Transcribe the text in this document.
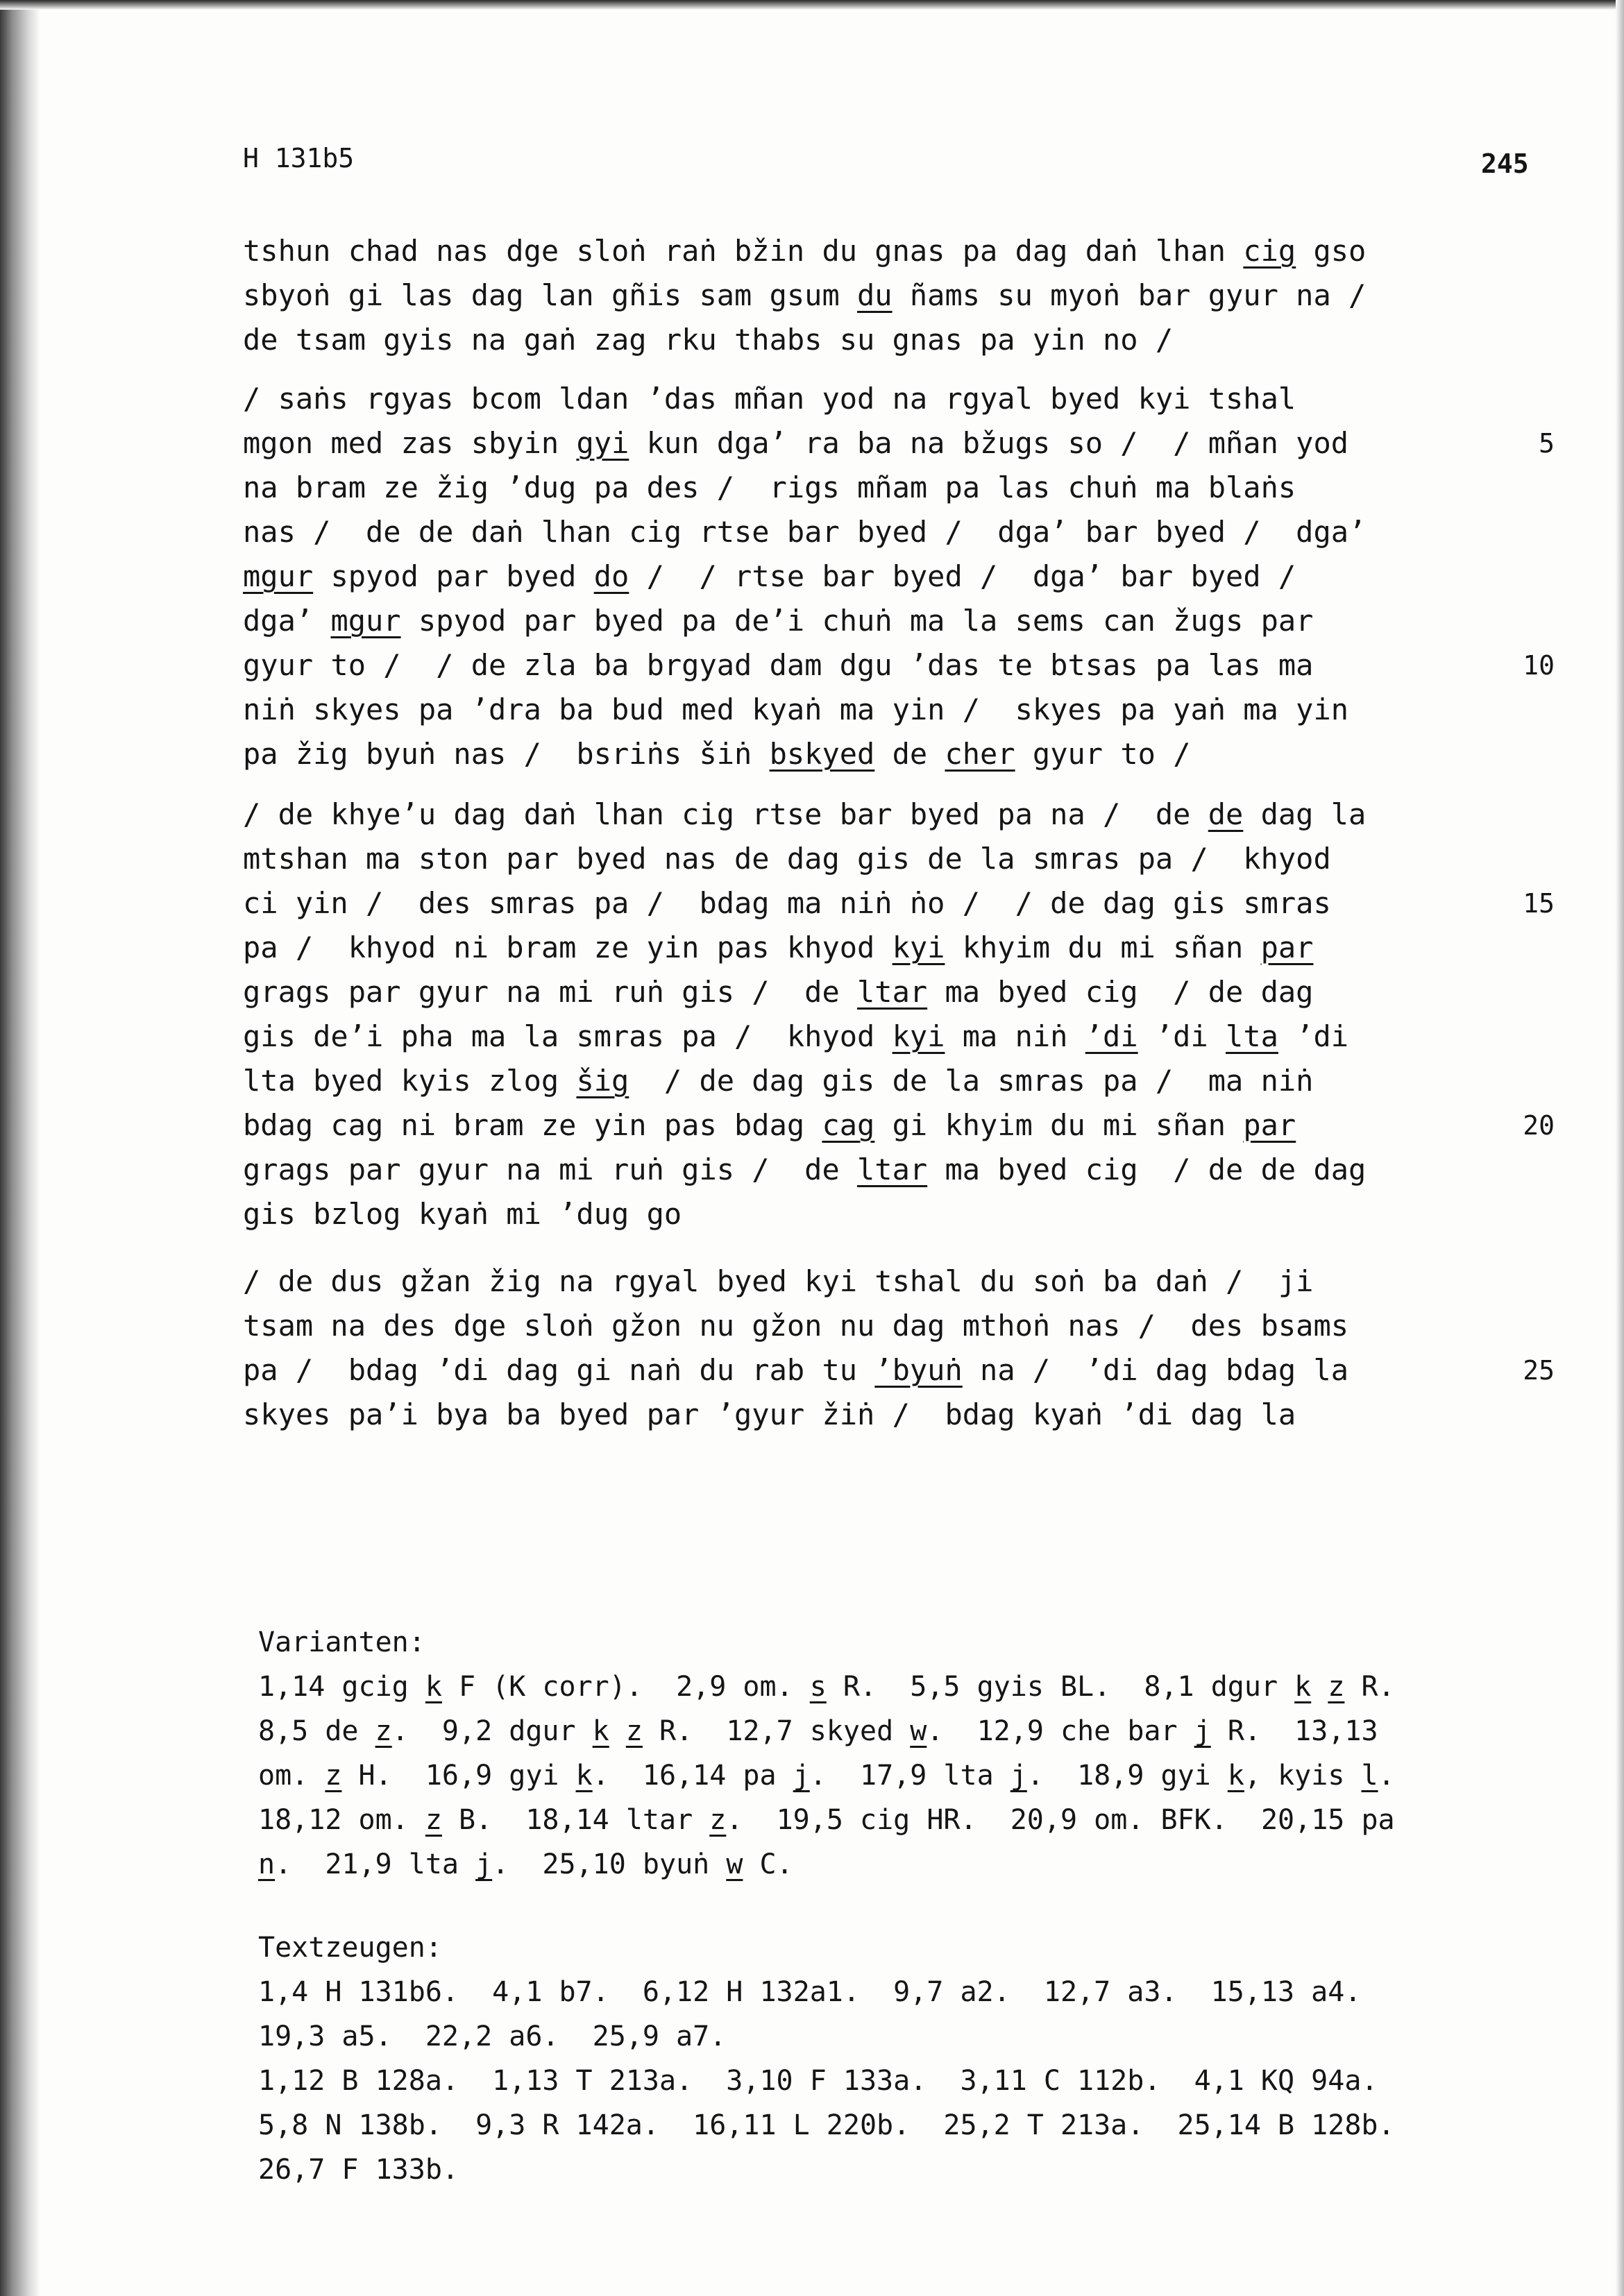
H 131b5	245
tshun chad nas dge sloṅ raṅ bžin du gnas pa dag daṅ lhan cig gso
sbyoṅ gi las dag lan gñis sam gsum du ñams su myoṅ bar gyur na /
de tsam gyis na gaṅ zag rku thabs su gnas pa yin no /
/ saṅs rgyas bcom ldan ’das mñan yod na rgyal byed kyi tshal
mgon med zas sbyin gyi kun dga’ ra ba na bžugs so /  / mñan yod	5
na bram ze žig ’dug pa des /  rigs mñam pa las chuṅ ma blaṅs
nas /  de de daṅ lhan cig rtse bar byed /  dga’ bar byed /  dga’
mgur spyod par byed do /  / rtse bar byed /  dga’ bar byed /
dga’ mgur spyod par byed pa de’i chuṅ ma la sems can žugs par
gyur to /  / de zla ba brgyad dam dgu ’das te btsas pa las ma	10
niṅ skyes pa ’dra ba bud med kyaṅ ma yin /  skyes pa yaṅ ma yin
pa žig byuṅ nas /  bsriṅs šiṅ bskyed de cher gyur to /
/ de khye’u dag daṅ lhan cig rtse bar byed pa na /  de de dag la
mtshan ma ston par byed nas de dag gis de la smras pa /  khyod
ci yin /  des smras pa /  bdag ma niṅ ṅo /  / de dag gis smras	15
pa /  khyod ni bram ze yin pas khyod kyi khyim du mi sñan par
grags par gyur na mi ruṅ gis /  de ltar ma byed cig  / de dag
gis de’i pha ma la smras pa /  khyod kyi ma niṅ ’di ’di lta ’di
lta byed kyis zlog šig  / de dag gis de la smras pa /  ma niṅ
bdag cag ni bram ze yin pas bdag cag gi khyim du mi sñan par	20
grags par gyur na mi ruṅ gis /  de ltar ma byed cig  / de de dag
gis bzlog kyaṅ mi ’dug go
/ de dus gžan žig na rgyal byed kyi tshal du soṅ ba daṅ /  ji
tsam na des dge sloṅ gžon nu gžon nu dag mthoṅ nas /  des bsams
pa /  bdag ’di dag gi naṅ du rab tu ’byuṅ na /  ’di dag bdag la	25
skyes pa’i bya ba byed par ’gyur žiṅ /  bdag kyaṅ ’di dag la
Varianten:
1,14 gcig k F (K corr).  2,9 om. s R.  5,5 gyis BL.  8,1 dgur k z R.
8,5 de z.  9,2 dgur k z R.  12,7 skyed w.  12,9 che bar j R.  13,13
om. z H.  16,9 gyi k.  16,14 pa j.  17,9 lta j.  18,9 gyi k, kyis l.
18,12 om. z B.  18,14 ltar z.  19,5 cig HR.  20,9 om. BFK.  20,15 pa
n.  21,9 lta j.  25,10 byuṅ w C.
Textzeugen:
1,4 H 131b6.  4,1 b7.  6,12 H 132a1.  9,7 a2.  12,7 a3.  15,13 a4.
19,3 a5.  22,2 a6.  25,9 a7.
1,12 B 128a.  1,13 T 213a.  3,10 F 133a.  3,11 C 112b.  4,1 KQ 94a.
5,8 N 138b.  9,3 R 142a.  16,11 L 220b.  25,2 T 213a.  25,14 B 128b.
26,7 F 133b.
